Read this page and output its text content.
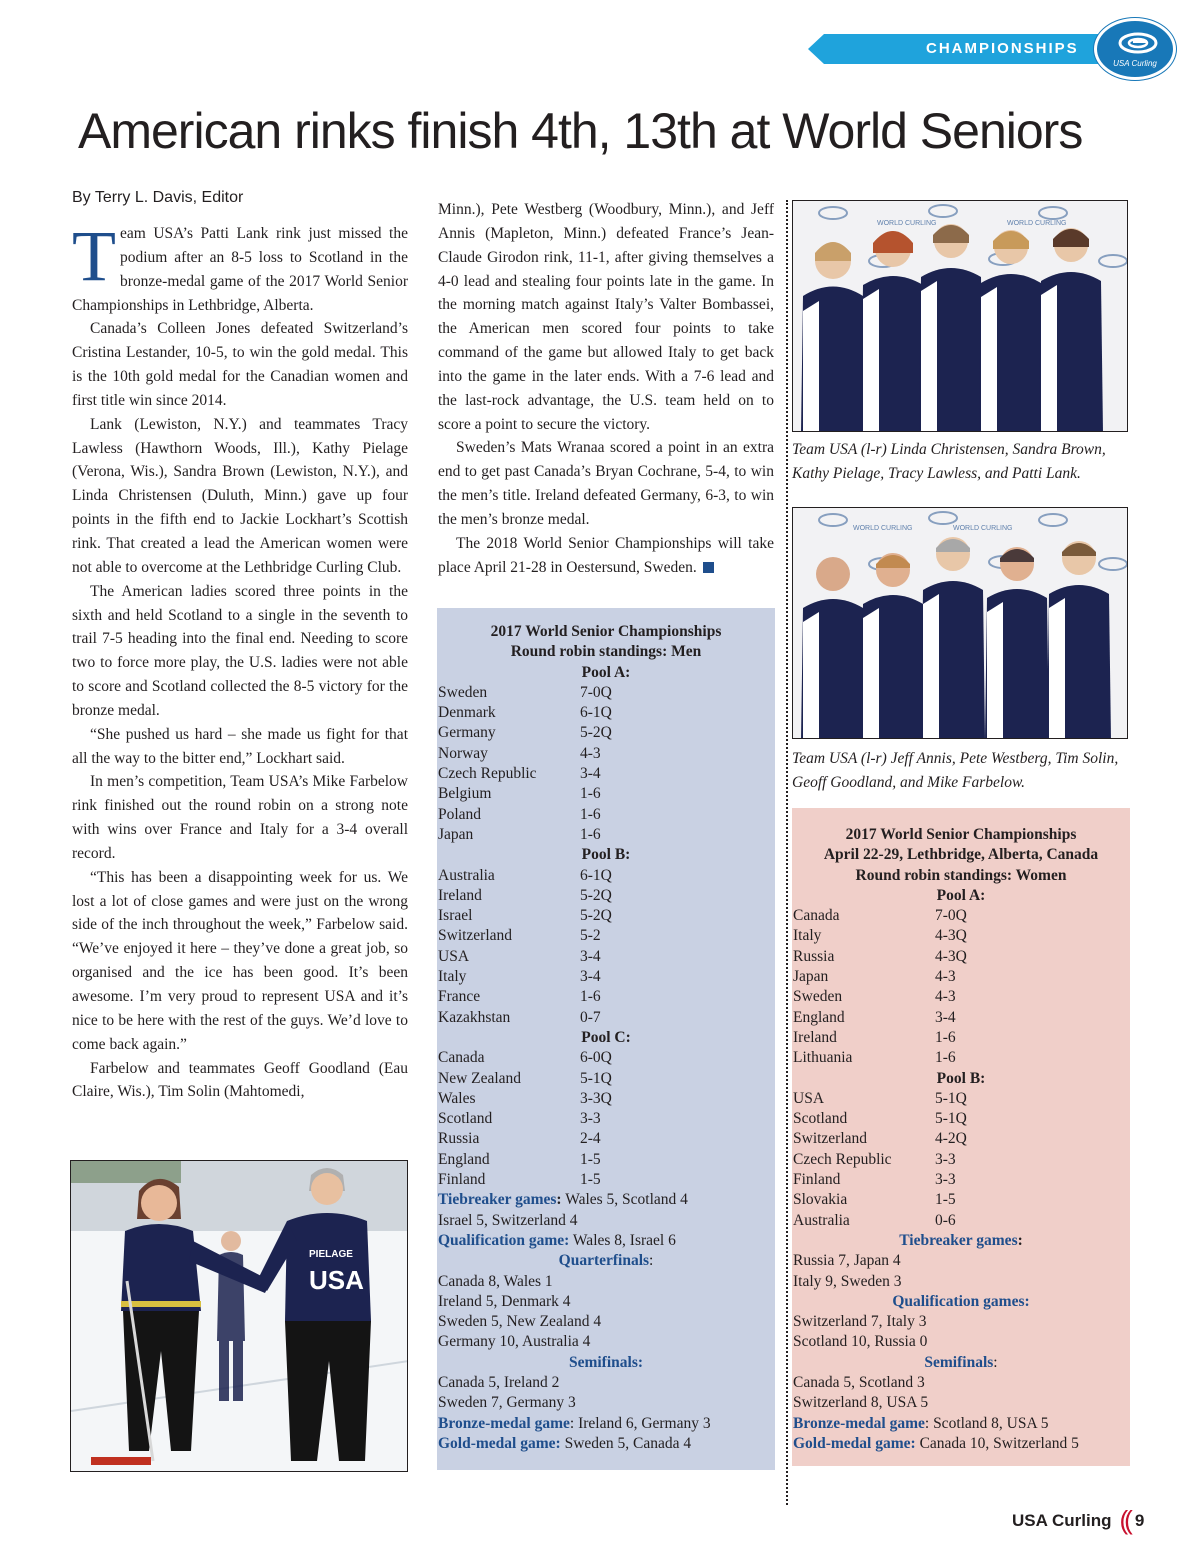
CHAMPIONSHIPS
USA Curling
American rinks finish 4th, 13th at World Seniors
By Terry L. Davis, Editor

Team USA’s Patti Lank rink just missed the podium after an 8-5 loss to Scotland in the bronze-medal game of the 2017 World Senior Championships in Lethbridge, Alberta.

Canada’s Colleen Jones defeated Switzerland’s Cristina Lestander, 10-5, to win the gold medal. This is the 10th gold medal for the Canadian women and first title win since 2014.

Lank (Lewiston, N.Y.) and teammates Tracy Lawless (Hawthorn Woods, Ill.), Kathy Pielage (Verona, Wis.), Sandra Brown (Lewiston, N.Y.), and Linda Christensen (Duluth, Minn.) gave up four points in the fifth end to Jackie Lockhart’s Scottish rink. That created a lead the American women were not able to overcome at the Lethbridge Curling Club.

The American ladies scored three points in the sixth and held Scotland to a single in the seventh to trail 7-5 heading into the final end. Needing to score two to force more play, the U.S. ladies were not able to score and Scotland collected the 8-5 victory for the bronze medal.

“She pushed us hard – she made us fight for that all the way to the bitter end,” Lockhart said.

In men’s competition, Team USA’s Mike Farbelow rink finished out the round robin on a strong note with wins over France and Italy for a 3-4 overall record.

“This has been a disappointing week for us. We lost a lot of close games and were just on the wrong side of the inch throughout the week,” Farbelow said. “We’ve enjoyed it here – they’ve done a great job, so organised and the ice has been good. It’s been awesome. I’m very proud to represent USA and it’s nice to be here with the rest of the guys. We’d love to come back again.”

Farbelow and teammates Geoff Goodland (Eau Claire, Wis.), Tim Solin (Mahtomedi,

Minn.), Pete Westberg (Woodbury, Minn.), and Jeff Annis (Mapleton, Minn.) defeated France’s Jean-Claude Girodon rink, 11-1, after giving themselves a 4-0 lead and stealing four points late in the game. In the morning match against Italy’s Valter Bombassei, the American men scored four points to take command of the game but allowed Italy to get back into the game in the later ends. With a 7-6 lead and the last-rock advantage, the U.S. team held on to score a point to secure the victory.

Sweden’s Mats Wranaa scored a point in an extra end to get past Canada’s Bryan Cochrane, 5-4, to win the men’s title. Ireland defeated Germany, 6-3, to win the men’s bronze medal.

The 2018 World Senior Championships will take place April 21-28 in Oestersund, Sweden.

2017 World Senior Championships
Round robin standings: Men
Pool A:
Sweden	7-0Q
Denmark	6-1Q
Germany	5-2Q
Norway	4-3
Czech Republic	3-4
Belgium	1-6
Poland	1-6
Japan	1-6
Pool B:
Australia	6-1Q
Ireland	5-2Q
Israel	5-2Q
Switzerland	5-2
USA	3-4
Italy	3-4
France	1-6
Kazakhstan	0-7
Pool C:
Canada	6-0Q
New Zealand	5-1Q
Wales	3-3Q
Scotland	3-3
Russia	2-4
England	1-5
Finland	1-5
Tiebreaker games: Wales 5, Scotland 4
Israel 5, Switzerland 4
Qualification game: Wales 8, Israel 6
Quarterfinals:
Canada 8, Wales 1
Ireland 5, Denmark 4
Sweden 5, New Zealand 4
Germany 10, Australia 4
Semifinals:
Canada 5, Ireland 2
Sweden 7, Germany 3
Bronze-medal game: Ireland 6, Germany 3
Gold-medal game: Sweden 5, Canada 4
WORLD CURLING	WORLD CURLING
Team USA (l-r) Linda Christensen, Sandra Brown, Kathy Pielage, Tracy Lawless, and Patti Lank.
WORLD CURLING	WORLD CURLING
Team USA (l-r) Jeff Annis, Pete Westberg, Tim Solin, Geoff Goodland, and Mike Farbelow.
2017 World Senior Championships
April 22-29, Lethbridge, Alberta, Canada
Round robin standings: Women
Pool A:
Canada	7-0Q
Italy	4-3Q
Russia	4-3Q
Japan	4-3
Sweden	4-3
England	3-4
Ireland	1-6
Lithuania	1-6
Pool B:
USA	5-1Q
Scotland	5-1Q
Switzerland	4-2Q
Czech Republic	3-3
Finland	3-3
Slovakia	1-5
Australia	0-6
Tiebreaker games:
Russia 7, Japan 4
Italy 9, Sweden 3
Qualification games:
Switzerland 7, Italy 3
Scotland 10, Russia 0
Semifinals:
Canada 5, Scotland 3
Switzerland 8, USA 5
Bronze-medal game: Scotland 8, USA 5
Gold-medal game: Canada 10, Switzerland 5
PIELAGE
USA
USA Curling (( 9
